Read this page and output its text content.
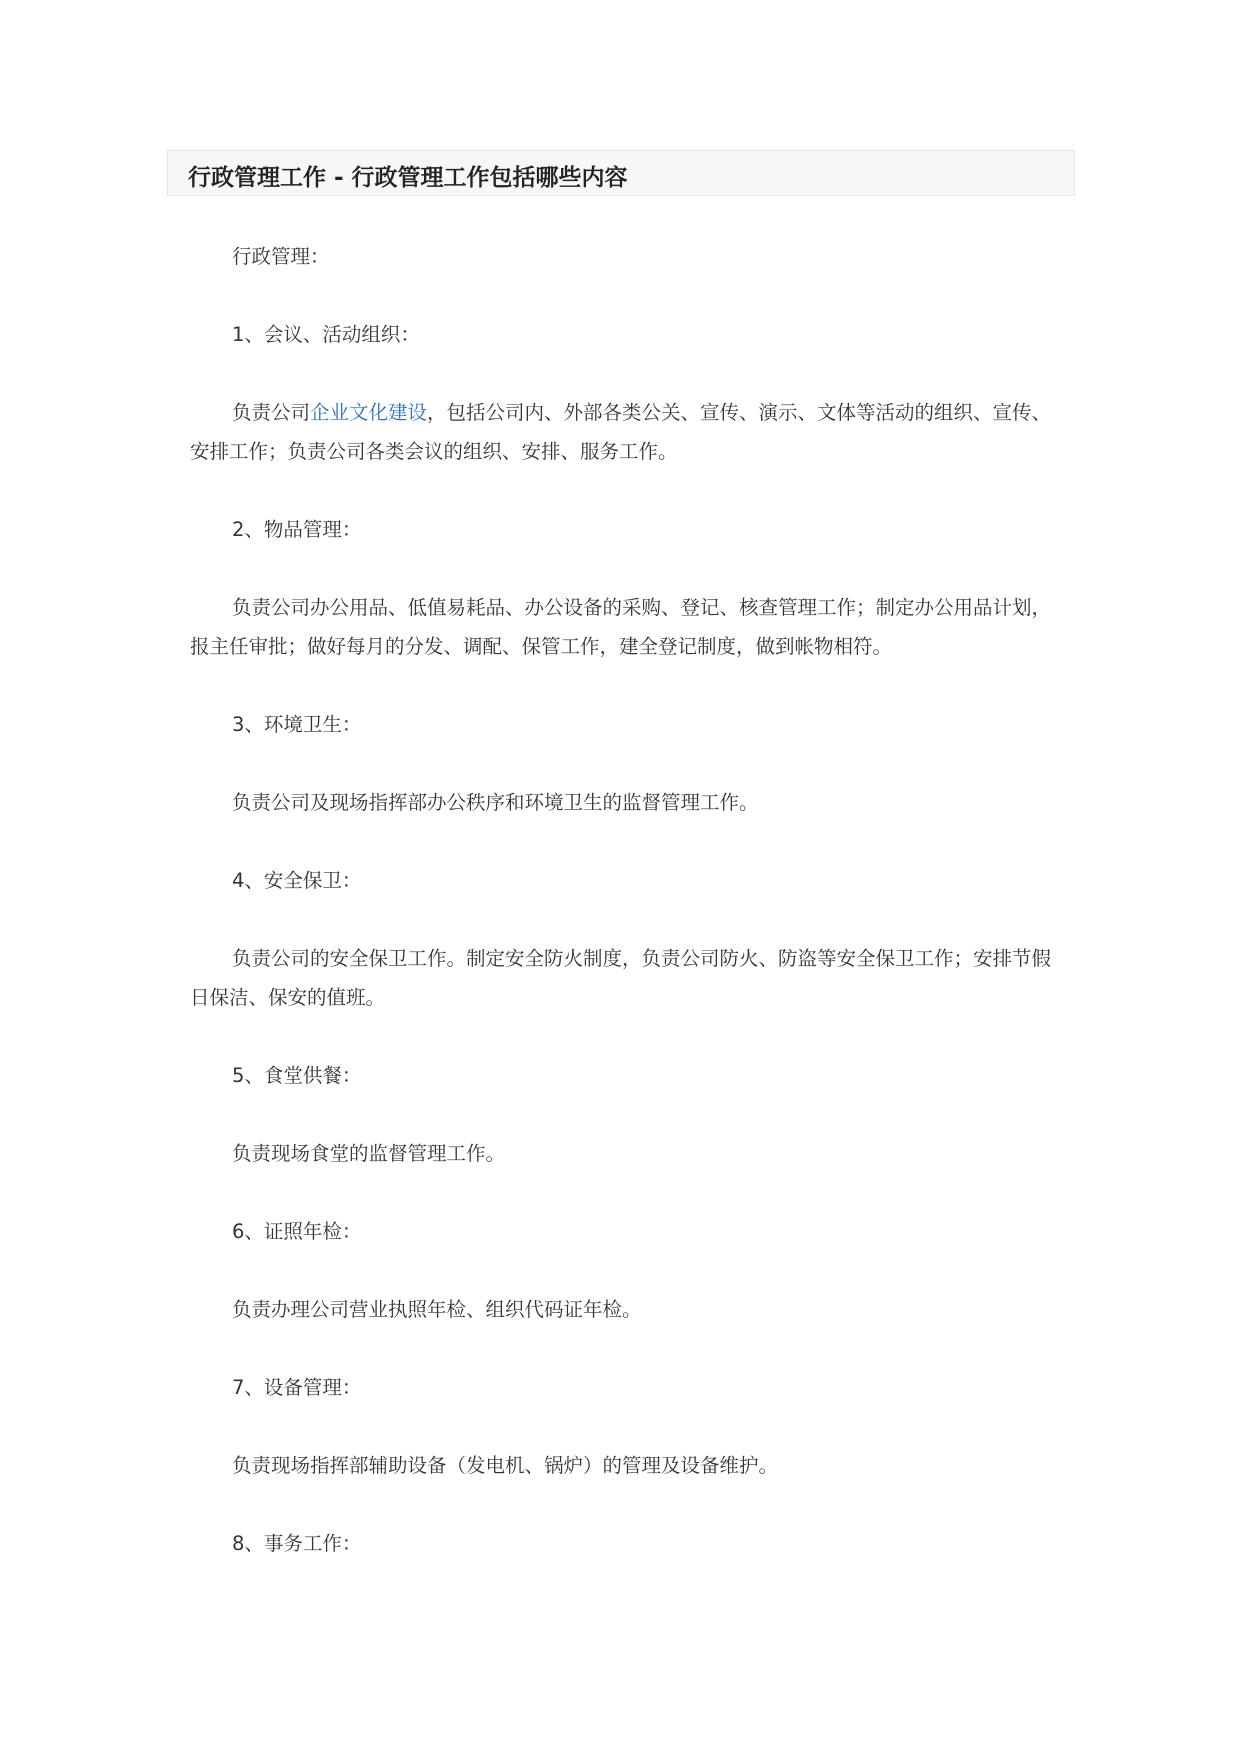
行政管理工作 - 行政管理工作包括哪些内容

行政管理：

1、会议、活动组织：

负责公司企业文化建设，包括公司内、外部各类公关、宣传、演示、文体等活动的组织、宣传、安排工作；负责公司各类会议的组织、安排、服务工作。

2、物品管理：

负责公司办公用品、低值易耗品、办公设备的采购、登记、核查管理工作；制定办公用品计划，报主任审批；做好每月的分发、调配、保管工作，建全登记制度，做到帐物相符。

3、环境卫生：

负责公司及现场指挥部办公秩序和环境卫生的监督管理工作。

4、安全保卫：

负责公司的安全保卫工作。制定安全防火制度，负责公司防火、防盗等安全保卫工作；安排节假日保洁、保安的值班。

5、食堂供餐：

负责现场食堂的监督管理工作。

6、证照年检：

负责办理公司营业执照年检、组织代码证年检。

7、设备管理：

负责现场指挥部辅助设备（发电机、锅炉）的管理及设备维护。

8、事务工作：
